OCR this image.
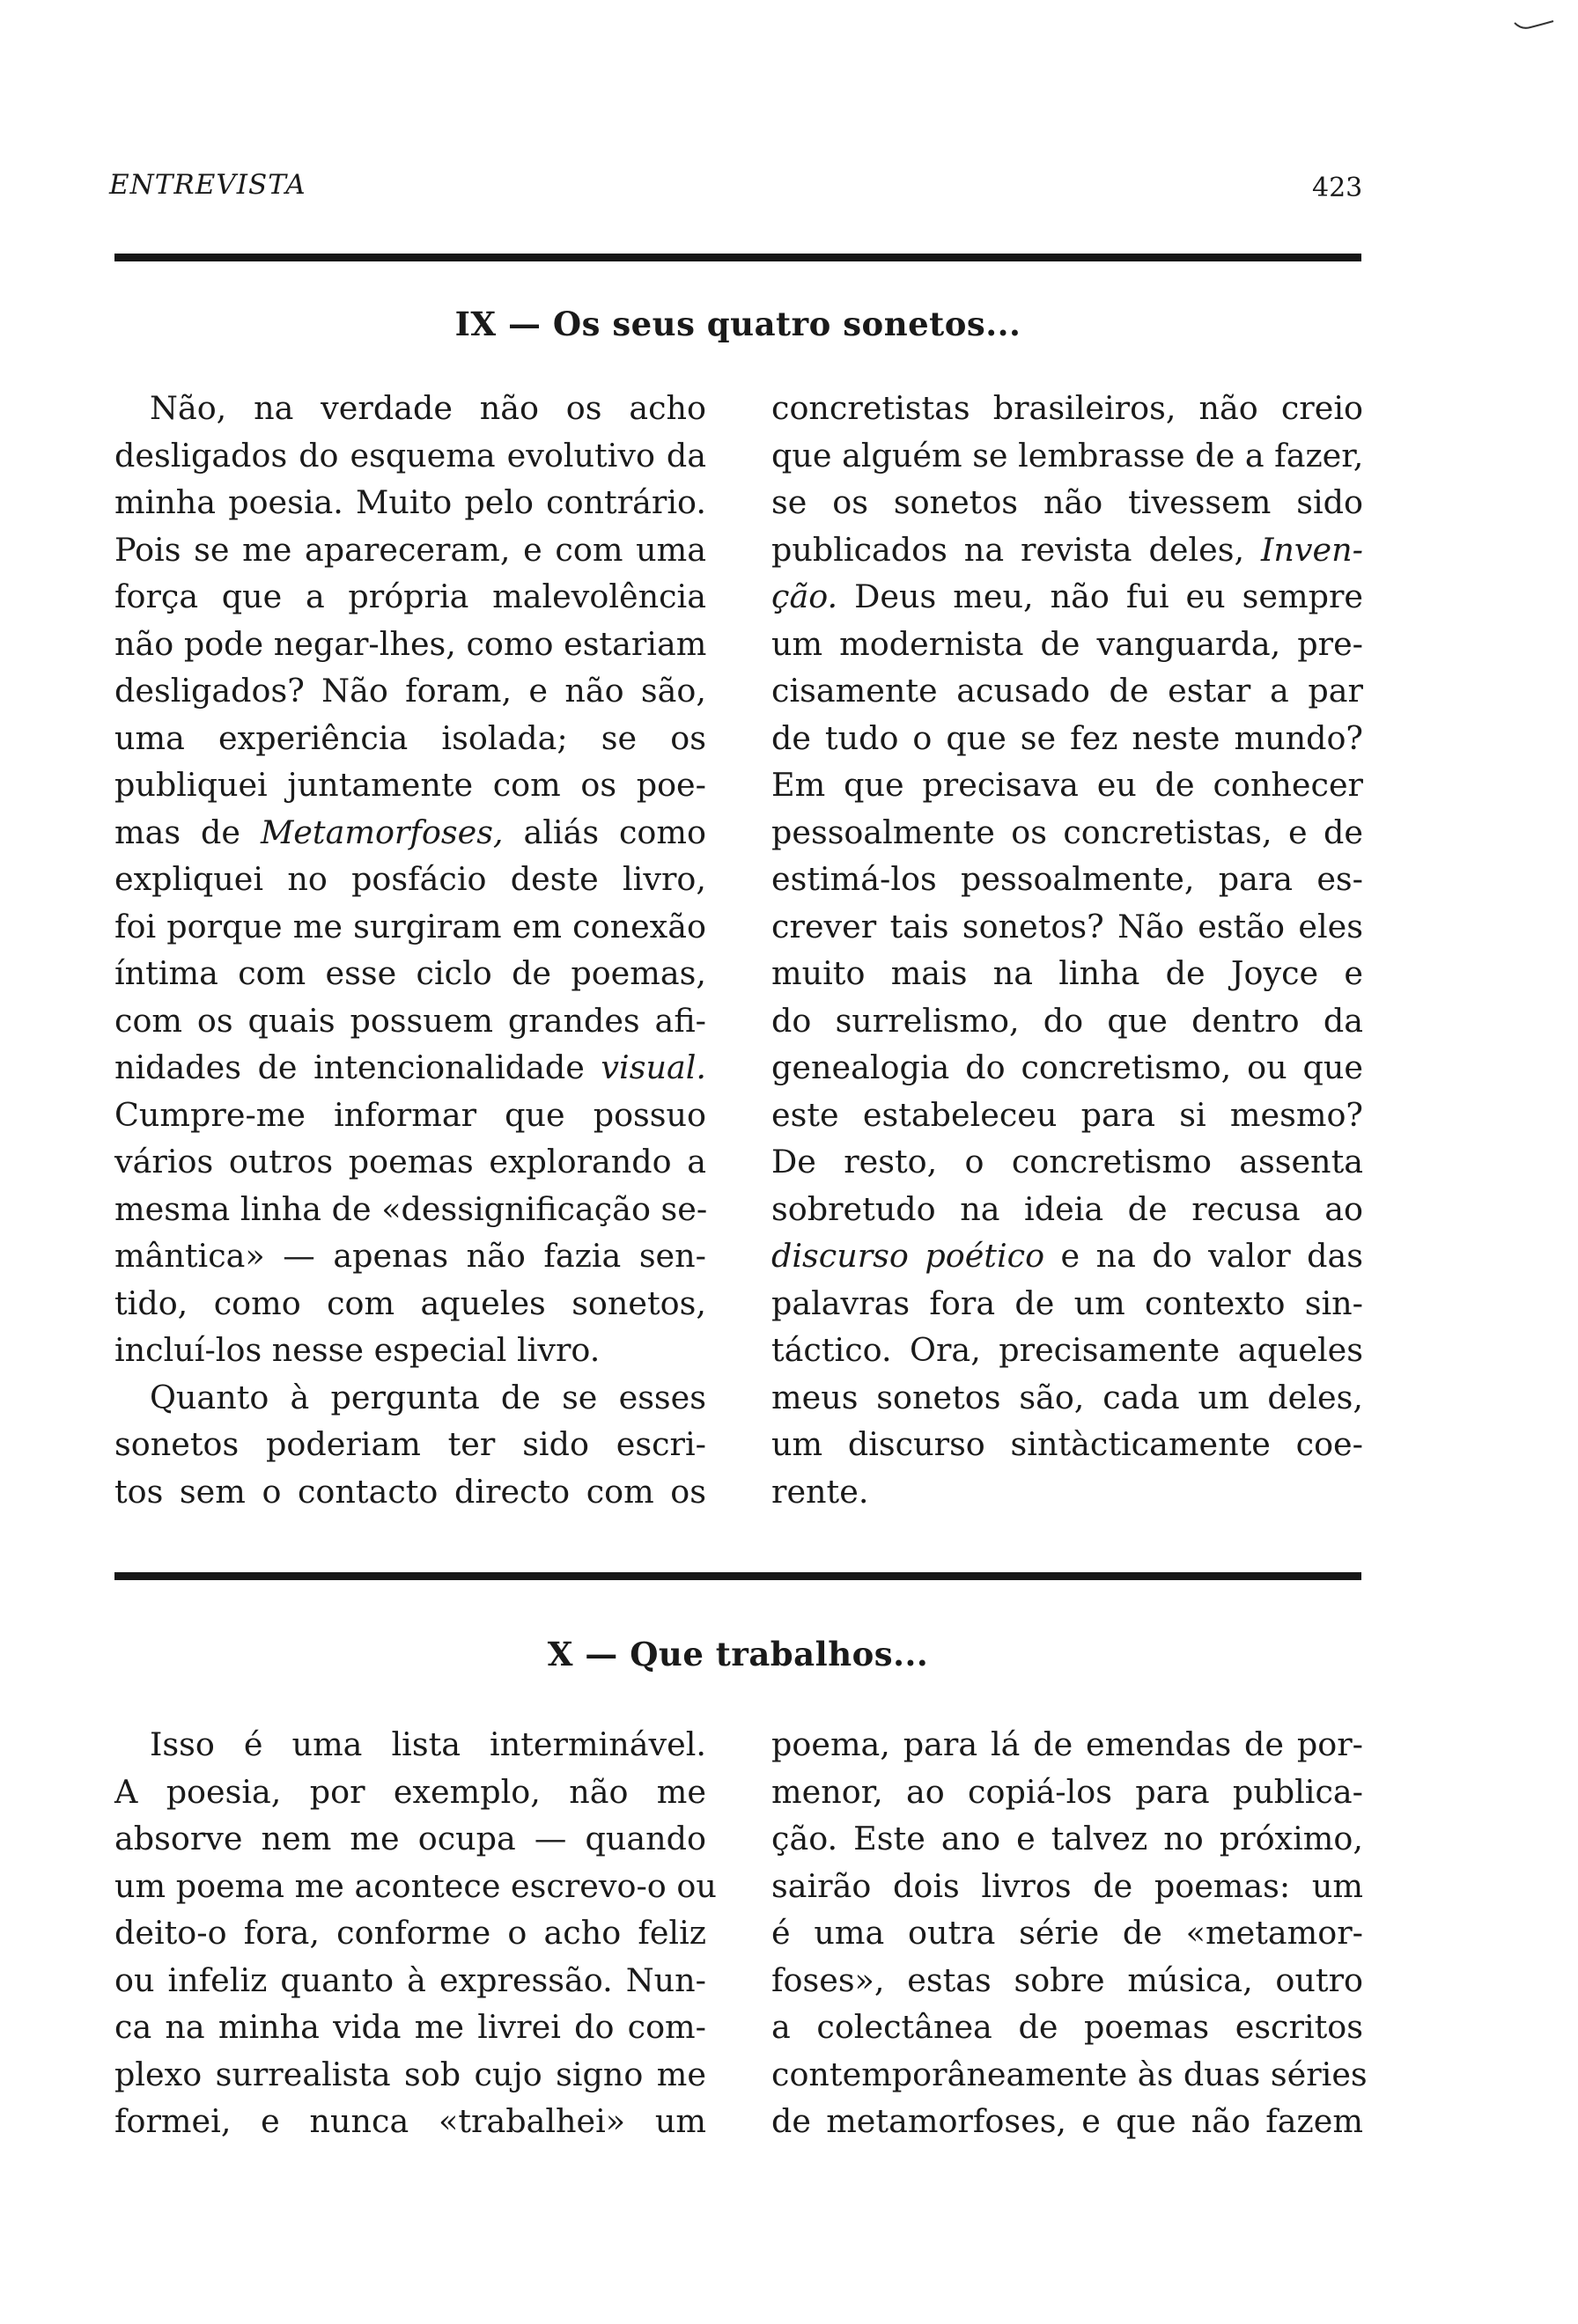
ENTREVISTA	423
IX — Os seus quatro sonetos...
Não, na verdade não os acho
desligados do esquema evolutivo da
minha poesia. Muito pelo contrário.
Pois se me apareceram, e com uma
força que a própria malevolência
não pode negar-lhes, como estariam
desligados? Não foram, e não são,
uma experiência isolada; se os
publiquei juntamente com os poe-
mas de Metamorfoses, aliás como
expliquei no posfácio deste livro,
foi porque me surgiram em conexão
íntima com esse ciclo de poemas,
com os quais possuem grandes afi-
nidades de intencionalidade visual.
Cumpre-me informar que possuo
vários outros poemas explorando a
mesma linha de «dessignificação se-
mântica» — apenas não fazia sen-
tido, como com aqueles sonetos,
incluí-los nesse especial livro.
Quanto à pergunta de se esses
sonetos poderiam ter sido escri-
tos sem o contacto directo com os
concretistas brasileiros, não creio
que alguém se lembrasse de a fazer,
se os sonetos não tivessem sido
publicados na revista deles, Inven-
ção. Deus meu, não fui eu sempre
um modernista de vanguarda, pre-
cisamente acusado de estar a par
de tudo o que se fez neste mundo?
Em que precisava eu de conhecer
pessoalmente os concretistas, e de
estimá-los pessoalmente, para es-
crever tais sonetos? Não estão eles
muito mais na linha de Joyce e
do surrelismo, do que dentro da
genealogia do concretismo, ou que
este estabeleceu para si mesmo?
De resto, o concretismo assenta
sobretudo na ideia de recusa ao
discurso poético e na do valor das
palavras fora de um contexto sin-
táctico. Ora, precisamente aqueles
meus sonetos são, cada um deles,
um discurso sintàcticamente coe-
rente.
X — Que trabalhos...
Isso é uma lista interminável.
A poesia, por exemplo, não me
absorve nem me ocupa — quando
um poema me acontece escrevo-o ou
deito-o fora, conforme o acho feliz
ou infeliz quanto à expressão. Nun-
ca na minha vida me livrei do com-
plexo surrealista sob cujo signo me
formei, e nunca «trabalhei» um
poema, para lá de emendas de por-
menor, ao copiá-los para publica-
ção. Este ano e talvez no próximo,
sairão dois livros de poemas: um
é uma outra série de «metamor-
foses», estas sobre música, outro
a colectânea de poemas escritos
contemporâneamente às duas séries
de metamorfoses, e que não fazem
